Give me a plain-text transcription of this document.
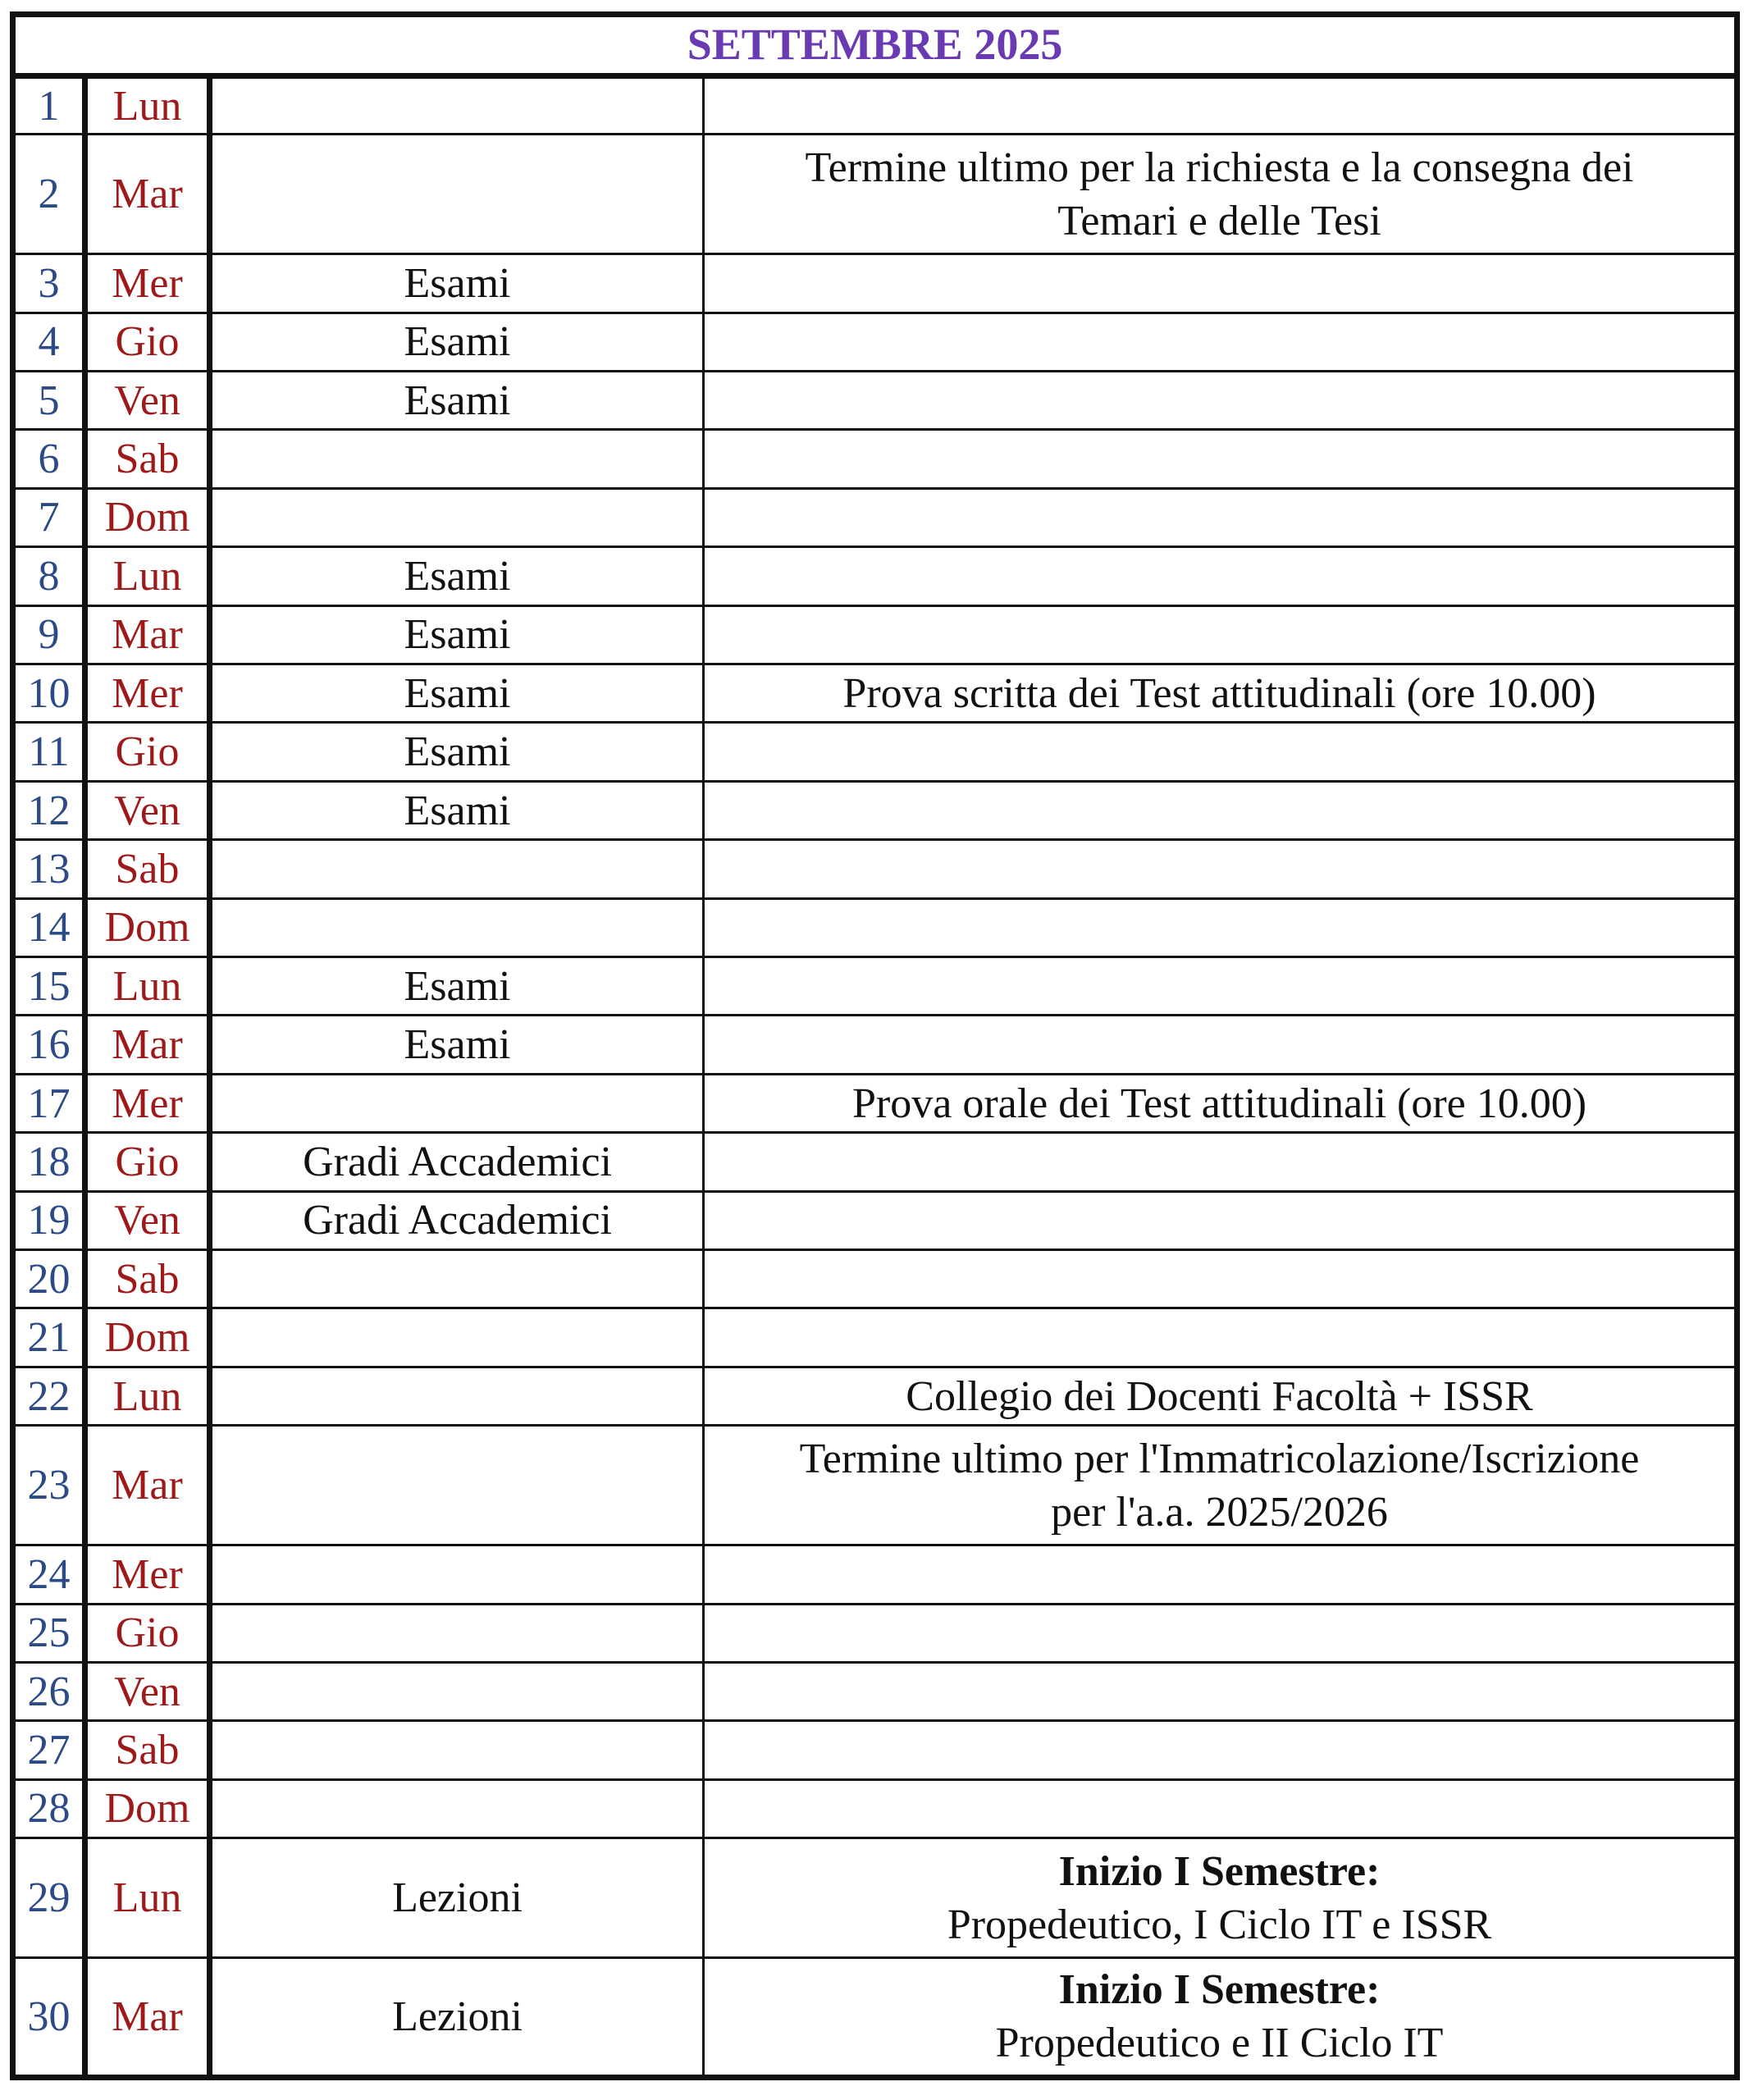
SETTEMBRE 2025			
1	Lun		
2	Mar		Termine ultimo per la richiesta e la consegna dei
Temari e delle Tesi

3	Mer	Esami	
4	Gio	Esami	
5	Ven	Esami	
6	Sab		
7	Dom		
8	Lun	Esami	
9	Mar	Esami	
10	Mer	Esami	Prova scritta dei Test attitudinali (ore 10.00)

11	Gio	Esami	
12	Ven	Esami	
13	Sab		
14	Dom		
15	Lun	Esami	
16	Mar	Esami	
17	Mer		Prova orale dei Test attitudinali (ore 10.00)

18	Gio	Gradi Accademici	
19	Ven	Gradi Accademici	
20	Sab		
21	Dom		
22	Lun		Collegio dei Docenti Facoltà + ISSR

23	Mar		Termine ultimo per l'Immatricolazione/Iscrizione
per l'a.a. 2025/2026

24	Mer		
25	Gio		
26	Ven		
27	Sab		
28	Dom		
29	Lun	Lezioni	Inizio I Semestre:
Propedeutico, I Ciclo IT e ISSR

30	Mar	Lezioni	Inizio I Semestre:
Propedeutico e II Ciclo IT
